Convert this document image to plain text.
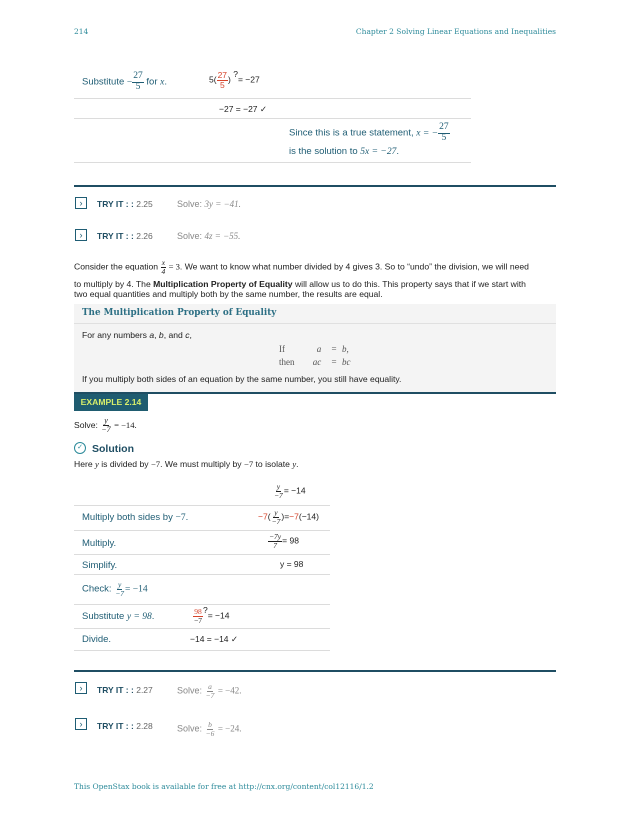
214	Chapter 2 Solving Linear Equations and Inequalities
Substitute − $\frac{27}{5}$ for x.	$5( \frac{27}{5}$ ) ?= −27
−27 = −27 ✓
Since this is a true statement, x = − $\frac{27}{5}$
is the solution to 5x = −27.
›	TRY IT : : 2.25	Solve: 3y = −41.
›	TRY IT : : 2.26	Solve: 4z = −55.
Consider the equation $\frac{x}{4} = 3$. We want to know what number divided by 4 gives 3. So to “undo” the division, we will need
to multiply by 4. The Multiplication Property of Equality will allow us to do this. This property says that if we start with
two equal quantities and multiply both by the same number, the results are equal.
The Multiplication Property of Equality
For any numbers a, b, and c,
If	a = b,
then ac = bc
If you multiply both sides of an equation by the same number, you still have equality.
EXAMPLE 2.14
Solve: $\frac{y}{-7} = -14$.
✓ Solution
Here y is divided by −7. We must multiply by −7 to isolate y.
$\frac{y}{-7} = -14$
Multiply both sides by −7.	$-7( \frac{y}{-7} )=-7(-14)$
Multiply.	$\frac{-7y}{7} = 98$
Simplify.	y = 98
Check: $\frac{y}{-7} = -14$
Substitute y = 98.	$\frac{98}{-7}$ ?= −14
Divide.	−14 = −14 ✓
›	TRY IT : : 2.27	Solve: $\frac{a}{-7} = -42$.
›	TRY IT : : 2.28	Solve: $\frac{b}{-6} = -24$.
This OpenStax book is available for free at http://cnx.org/content/col12116/1.2
